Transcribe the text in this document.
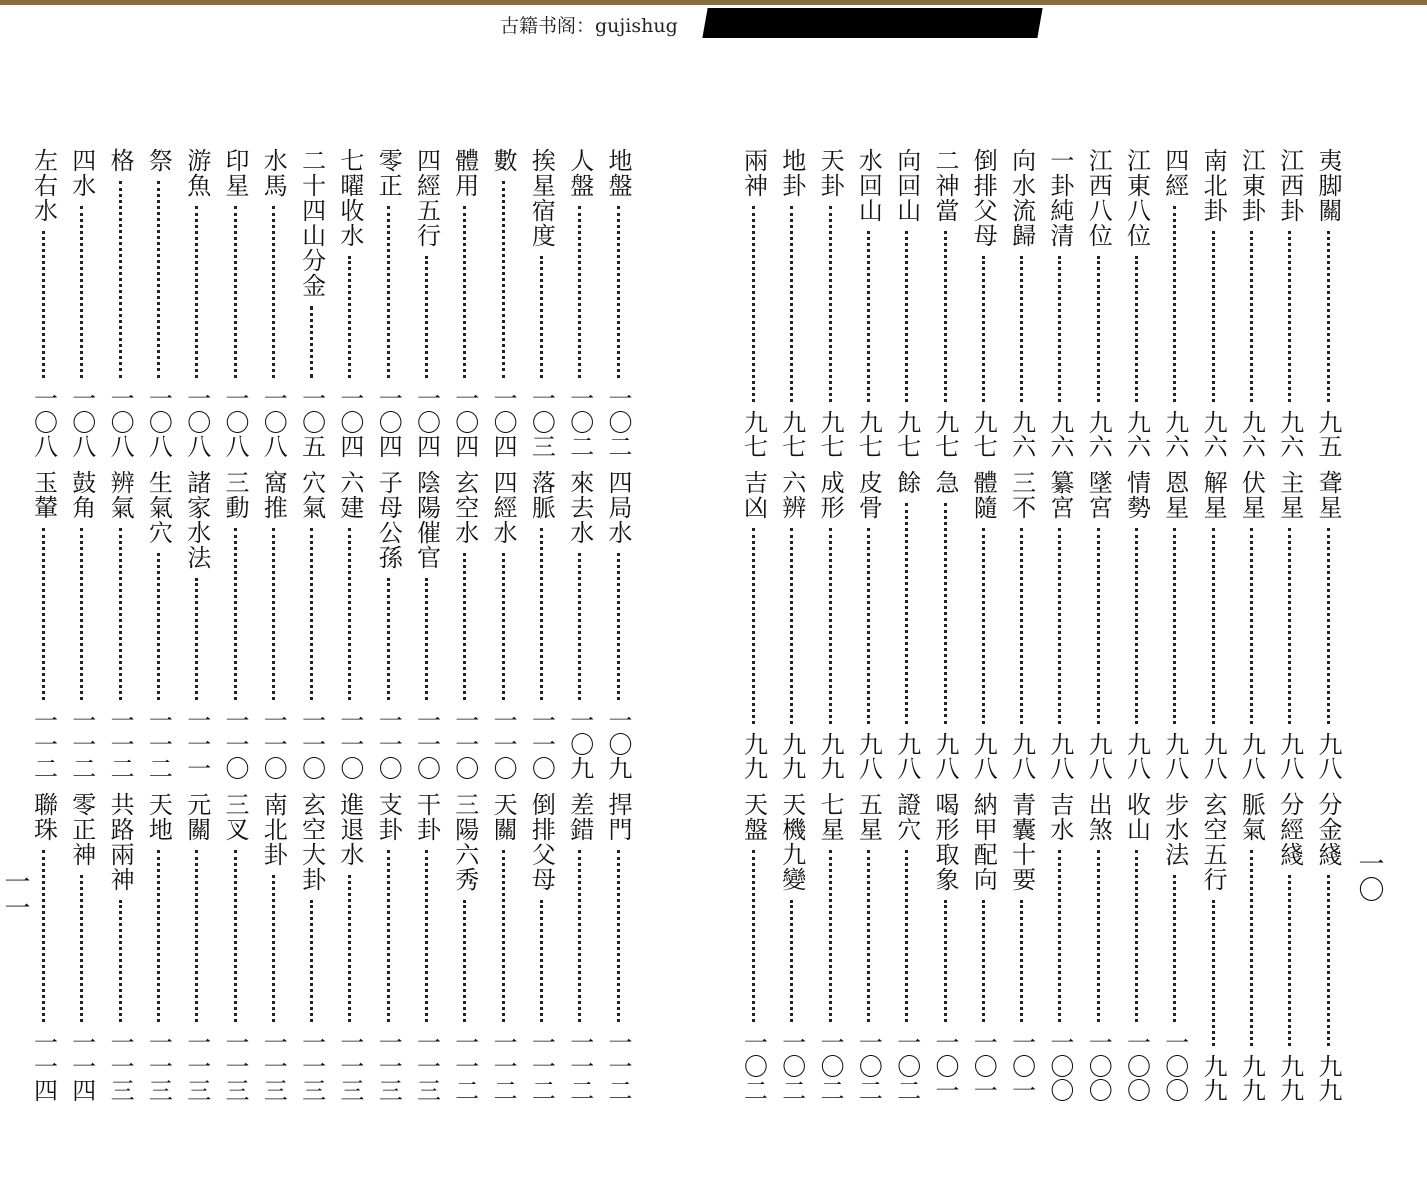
古籍书阁：gujishug
一〇
一一
夷脚關
九五
江西卦
九六
江東卦
九六
南北卦
九六
四經
九六
江東八位
九六
江西八位
九六
一卦純清
九六
向水流歸
九六
倒排父母
九七
二神當
九七
向回山
九七
水回山
九七
天卦
九七
地卦
九七
兩神
九七
聋星
九八
主星
九八
伏星
九八
解星
九八
恩星
九八
情勢
九八
墜宮
九八
纂宮
九八
三不
九八
體隨
九八
急
九八
餘
九八
皮骨
九八
成形
九九
六辨
九九
吉凶
九九
分金綫
九九
分經綫
九九
脈氣
九九
玄空五行
九九
步水法
一〇〇
收山
一〇〇
出煞
一〇〇
吉水
一〇〇
青囊十要
一〇一
納甲配向
一〇一
喝形取象
一〇一
證穴
一〇二
五星
一〇二
七星
一〇二
天機九變
一〇二
天盤
一〇二
地盤
一〇二
人盤
一〇二
挨星宿度
一〇三
數
一〇四
體用
一〇四
四經五行
一〇四
零正
一〇四
七曜收水
一〇四
二十四山分金
一〇五
水馬
一〇八
印星
一〇八
游魚
一〇八
祭
一〇八
格
一〇八
四水
一〇八
左右水
一〇八
四局水
一〇九
來去水
一〇九
落脈
一一〇
四經水
一一〇
玄空水
一一〇
陰陽催官
一一〇
子母公孫
一一〇
六建
一一〇
穴氣
一一〇
窩推
一一〇
三動
一一〇
諸家水法
一一一
生氣穴
一一二
辨氣
一一二
鼓角
一一二
玉輦
一一二
捍門
一一二
差錯
一一二
倒排父母
一一二
天關
一一二
三陽六秀
一一二
干卦
一一三
支卦
一一三
進退水
一一三
玄空大卦
一一三
南北卦
一一三
三叉
一一三
元關
一一三
天地
一一三
共路兩神
一一三
零正神
一一四
聯珠
一一四
